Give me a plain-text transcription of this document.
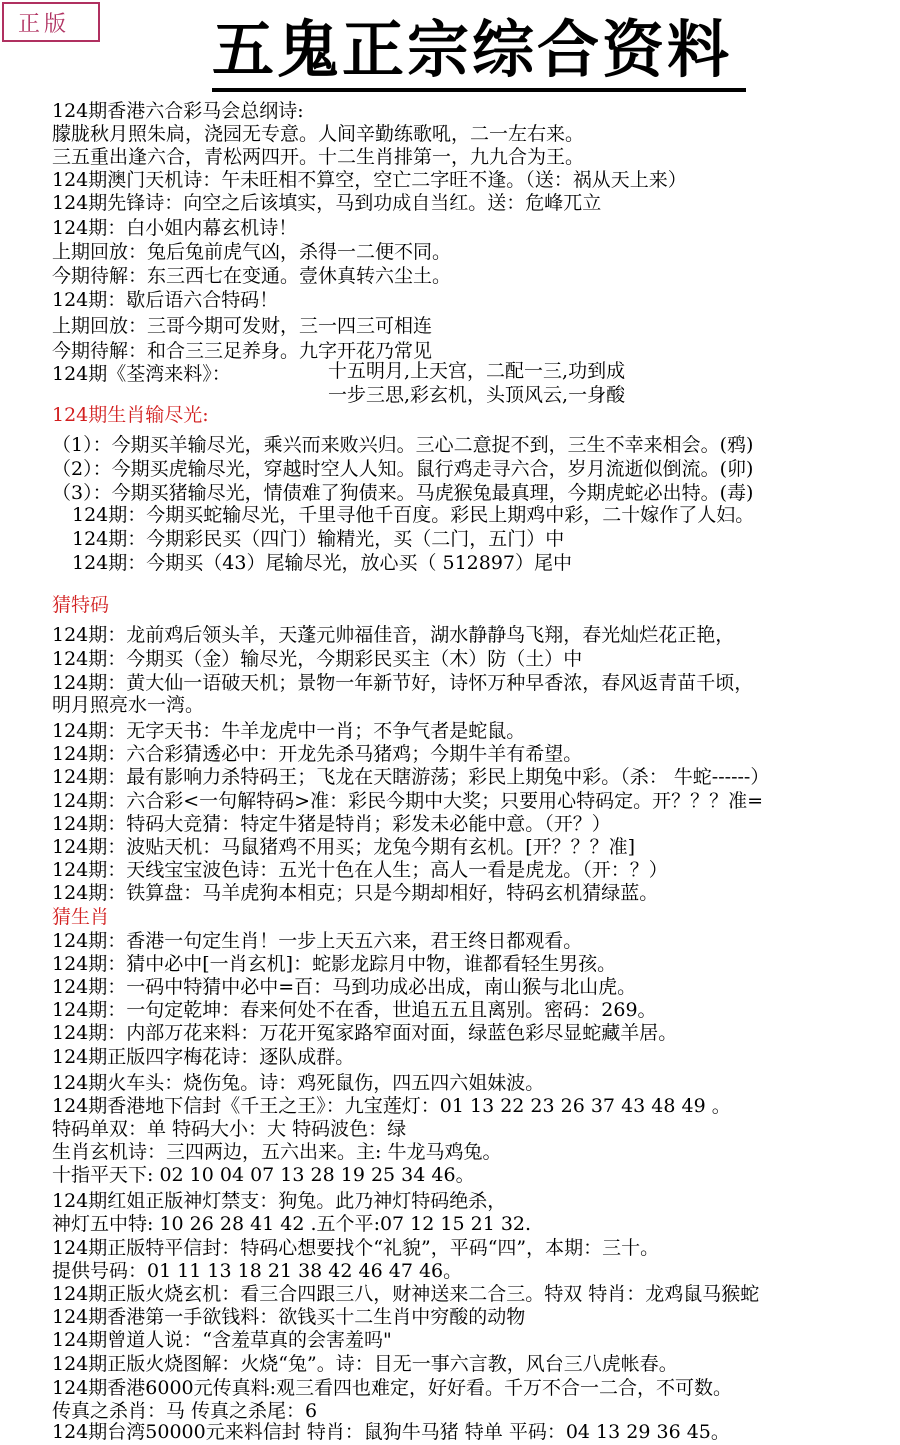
正版	五鬼正宗综合资料
124期香港六合彩马会总纲诗:
朦胧秋月照朱扃，浇园无专意。人间辛勤练歌吼，二一左右来。
三五重出逢六合，青松两四开。十二生肖排第一，九九合为王。
124期澳门天机诗：午未旺相不算空，空亡二字旺不逢。（送：祸从天上来）
124期先锋诗：向空之后该填实，马到功成自当红。送：危峰兀立
124期：白小姐内幕玄机诗！
上期回放：兔后兔前虎气凶，杀得一二便不同。
今期待解：东三西七在变通。壹休真转六尘土。
124期：歇后语六合特码！
上期回放：三哥今期可发财，三一四三可相连
今期待解：和合三三足养身。九字开花乃常见
124期《荃湾来料》：	十五明月,上天宫，二配一三,功到成
一步三思,彩玄机，头顶风云,一身酸
124期生肖输尽光:
（1）：今期买羊输尽光，乘兴而来败兴归。三心二意捉不到，三生不幸来相会。(鸦)
（2）：今期买虎输尽光，穿越时空人人知。鼠行鸡走寻六合，岁月流逝似倒流。(卯)
（3）：今期买猪输尽光，情债难了狗债来。马虎猴兔最真理，今期虎蛇必出特。(毒)
124期：今期买蛇输尽光，千里寻他千百度。彩民上期鸡中彩，二十嫁作了人妇。
124期：今期彩民买（四门）输精光，买（二门，五门）中
124期：今期买（43）尾输尽光，放心买（ 512897）尾中
猜特码
124期：龙前鸡后领头羊，天蓬元帅福佳音，湖水静静鸟飞翔，春光灿烂花正艳，
124期：今期买（金）输尽光，今期彩民买主（木）防（土）中
124期：黄大仙一语破天机；景物一年新节好，诗怀万种早香浓，春风返青苗千顷，
明月照亮水一湾。
124期：无字天书：牛羊龙虎中一肖；不争气者是蛇鼠。
124期：六合彩猜透必中：开龙先杀马猪鸡；今期牛羊有希望。
124期：最有影响力杀特码王；飞龙在天瞎游荡；彩民上期兔中彩。（杀： 牛蛇------）
124期：六合彩<一句解特码>准：彩民今期中大奖；只要用心特码定。开？？？准=
124期：特码大竞猜：特定牛猪是特肖；彩发未必能中意。（开？）
124期：波贴天机：马鼠猪鸡不用买；龙兔今期有玄机。[开？？？准]
124期：天线宝宝波色诗：五光十色在人生；高人一看是虎龙。（开：？）
124期：铁算盘：马羊虎狗本相克；只是今期却相好，特码玄机猜绿蓝。
猜生肖
124期：香港一句定生肖！一步上天五六来，君王终日都观看。
124期：猜中必中[一肖玄机]：蛇影龙踪月中物，谁都看轻生男孩。
124期：一码中特猜中必中=百：马到功成必出成，南山猴与北山虎。
124期：一句定乾坤：春来何处不在香，世追五五且离别。密码：269。
124期：内部万花来料：万花开冤家路窄面对面，绿蓝色彩尽显蛇藏羊居。
124期正版四字梅花诗：逐队成群。
124期火车头：烧伤兔。诗：鸡死鼠伤，四五四六姐妹波。
124期香港地下信封《千王之王》：九宝莲灯：01 13 22 23 26 37 43 48 49 。
特码单双：单 特码大小：大 特码波色：绿
生肖玄机诗：三四两边，五六出来。主: 牛龙马鸡兔。
十指平天下: 02 10 04 07 13 28 19 25 34 46。
124期红姐正版神灯禁支：狗兔。此乃神灯特码绝杀，
神灯五中特: 10 26 28 41 42 .五个平:07 12 15 21 32.
124期正版特平信封：特码心想要找个“礼貌”，平码“四”，本期：三十。
提供号码：01 11 13 18 21 38 42 46 47 46。
124期正版火烧玄机：看三合四跟三八，财神送来二合三。特双 特肖：龙鸡鼠马猴蛇
124期香港第一手欲钱料：欲钱买十二生肖中穷酸的动物
124期曾道人说：“含羞草真的会害羞吗"
124期正版火烧图解：火烧“兔”。诗：目无一事六言教，风台三八虎帐春。
124期香港6000元传真料:观三看四也难定，好好看。千万不合一二合，不可数。
传真之杀肖：马 传真之杀尾：6
124期台湾50000元来料信封 特肖：鼠狗牛马猪 特单 平码：04 13 29 36 45。
